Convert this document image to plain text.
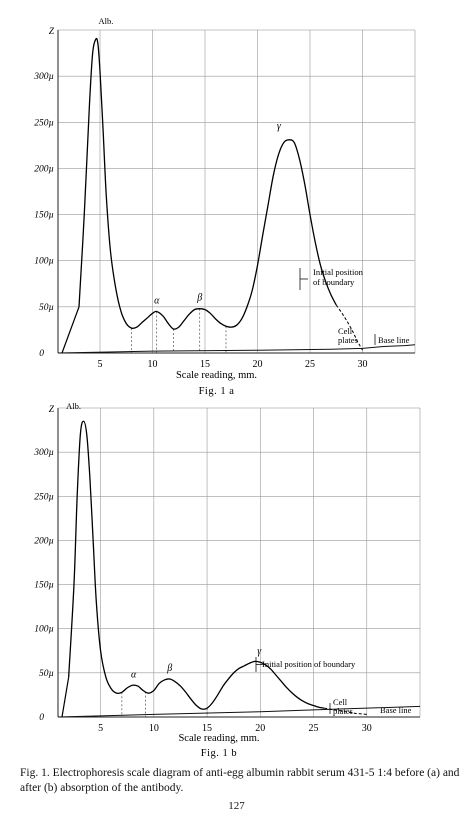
50µ
100µ
150µ
200µ
250µ
300µ
Z
0
5	10	15	20	25	30
Scale reading, mm.
Fig. 1 a
Alb.
α	β
γ
Initial position
of boundary
Cell
plates Base line
50µ
100µ
150µ
200µ
250µ
300µ
Z
0
5	10	15	20	25	30
Scale reading, mm.
Fig. 1 b
Alb.
α
β
γ
Initial position of boundary
Cell
plates	Base line
Fig. 1. Electrophoresis scale diagram of anti-egg albumin rabbit serum 431-5 1:4 before (a) and after (b) absorption of the antibody.
127
